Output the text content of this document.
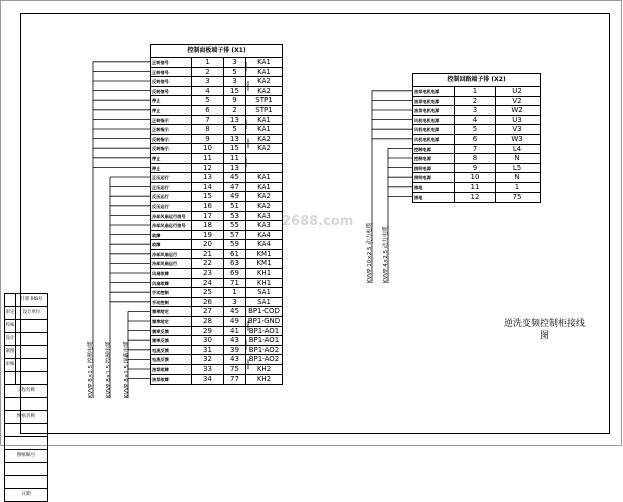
计算书编号
审定	设计单位
校核
设计
制图
审核
工程名称
图纸名称
图纸编号
日期
控制面板端子排 (X1)
正转信号	1	3	KA1
正转信号	2	5	KA1
反转信号	3	3	KA2
反转信号	4	15	KA2
停止	5	9	STP1
停止	6	2	STP1
正转指示	7	13	KA1
正转指示	8	5	KA1
反转指示	9	13	KA2
反转指示	10	15	KA2
停止	11	11
停止	12	13
正压运行	13	45	KA1
正压运行	14	47	KA1
反压运行	15	49	KA2
反压运行	16	51	KA2
冷却风扇运行信号	17	53	KA3
冷却风扇运行信号	18	55	KA3
故障	19	57	KA4
故障	20	59	KA4
冷却风扇运行	21	61	KM1
冷却风扇运行	22	63	KM1
风扇故障	23	69	KH1
风扇故障	24	71	KH1
手动控制	25	1	SA1
手动控制	26	3	SA1
频率给定	27	45	BP1-COD
频率给定	28	49	BP1-GND
频率反馈	29	41	BP1-AO1
频率反馈	30	43	BP1-AO1
电流反馈	31	39	BP1-AO2
电流反馈	32	43	BP1-AO2
油泵故障	33	75	KH2
油泵故障	34	77	KH2
控制回路端子排 (X2)
油泵电机电源	1	U2
油泵电机电源	2	V2
油泵电机电源	3	W2
风机电机电源	4	U3
风机电机电源	5	V3
风机电机电源	6	W3
控制电源	7	L4
控制电源	8	N
照明电源	9	L5
照明电源	10	N
接地	11	1
接地	12	75
KVVP 8×1.5 控制电缆	KVVP 8×1.5 控制电缆	KVVP 8×1.5 屏蔽电缆
KVVP 10×2.5 动力电缆	KVVP 4×2.5 动力电缆
2688.com
逆洗变频控制柜接线
图
